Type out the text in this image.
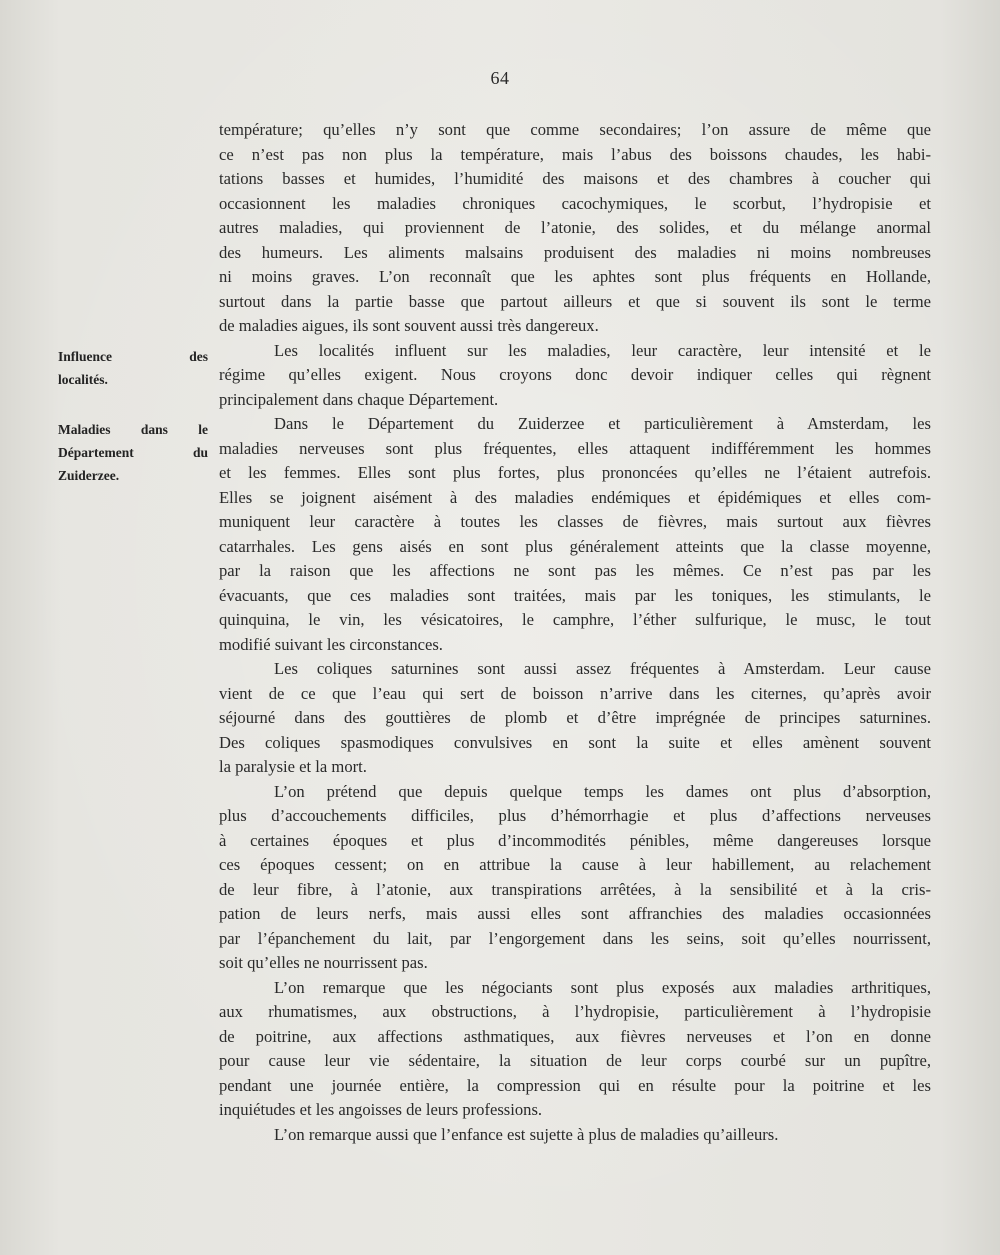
64
Influence des
localités.
Maladies dans le
Département du
Zuiderzee.
température; qu’elles n’y sont que comme secondaires; l’on assure de même que
ce n’est pas non plus la température, mais l’abus des boissons chaudes, les habi-
tations basses et humides, l’humidité des maisons et des chambres à coucher qui
occasionnent les maladies chroniques cacochymiques, le scorbut, l’hydropisie et
autres maladies, qui proviennent de l’atonie, des solides, et du mélange anormal
des humeurs. Les aliments malsains produisent des maladies ni moins nombreuses
ni moins graves. L’on reconnaît que les aphtes sont plus fréquents en Hollande,
surtout dans la partie basse que partout ailleurs et que si souvent ils sont le terme
de maladies aigues, ils sont souvent aussi très dangereux.
Les localités influent sur les maladies, leur caractère, leur intensité et le
régime qu’elles exigent. Nous croyons donc devoir indiquer celles qui règnent
principalement dans chaque Département.
Dans le Département du Zuiderzee et particulièrement à Amsterdam, les
maladies nerveuses sont plus fréquentes, elles attaquent indifféremment les hommes
et les femmes. Elles sont plus fortes, plus prononcées qu’elles ne l’étaient autrefois.
Elles se joignent aisément à des maladies endémiques et épidémiques et elles com-
muniquent leur caractère à toutes les classes de fièvres, mais surtout aux fièvres
catarrhales. Les gens aisés en sont plus généralement atteints que la classe moyenne,
par la raison que les affections ne sont pas les mêmes. Ce n’est pas par les
évacuants, que ces maladies sont traitées, mais par les toniques, les stimulants, le
quinquina, le vin, les vésicatoires, le camphre, l’éther sulfurique, le musc, le tout
modifié suivant les circonstances.
Les coliques saturnines sont aussi assez fréquentes à Amsterdam. Leur cause
vient de ce que l’eau qui sert de boisson n’arrive dans les citernes, qu’après avoir
séjourné dans des gouttières de plomb et d’être imprégnée de principes saturnines.
Des coliques spasmodiques convulsives en sont la suite et elles amènent souvent
la paralysie et la mort.
L’on prétend que depuis quelque temps les dames ont plus d’absorption,
plus d’accouchements difficiles, plus d’hémorrhagie et plus d’affections nerveuses
à certaines époques et plus d’incommodités pénibles, même dangereuses lorsque
ces époques cessent; on en attribue la cause à leur habillement, au relachement
de leur fibre, à l’atonie, aux transpirations arrêtées, à la sensibilité et à la cris-
pation de leurs nerfs, mais aussi elles sont affranchies des maladies occasionnées
par l’épanchement du lait, par l’engorgement dans les seins, soit qu’elles nourrissent,
soit qu’elles ne nourrissent pas.
L’on remarque que les négociants sont plus exposés aux maladies arthritiques,
aux rhumatismes, aux obstructions, à l’hydropisie, particulièrement à l’hydropisie
de poitrine, aux affections asthmatiques, aux fièvres nerveuses et l’on en donne
pour cause leur vie sédentaire, la situation de leur corps courbé sur un pupître,
pendant une journée entière, la compression qui en résulte pour la poitrine et les
inquiétudes et les angoisses de leurs professions.
L’on remarque aussi que l’enfance est sujette à plus de maladies qu’ailleurs.
